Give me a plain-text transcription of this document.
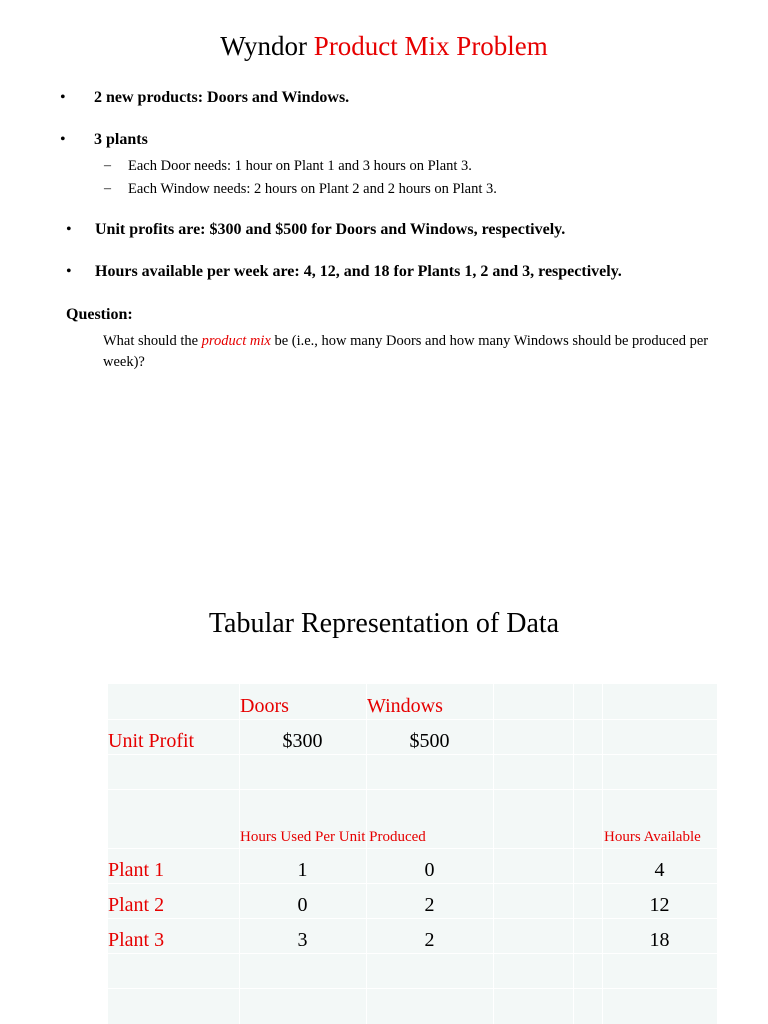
Wyndor Product Mix Problem
• 2 new products: Doors and Windows.
• 3 plants
– Each Door needs: 1 hour on Plant 1 and 3 hours on Plant 3.
– Each Window needs: 2 hours on Plant 2 and 2 hours on Plant 3.
• Unit profits are: $300 and $500 for Doors and Windows, respectively.
• Hours available per week are: 4, 12, and 18 for Plants 1, 2 and 3, respectively.
Question:
What should the product mix be (i.e., how many Doors and how many Windows should be produced per week)?
Tabular Representation of Data
Doors	Windows
Unit Profit	$300	$500
Hours Used Per Unit Produced	Hours Available
Plant 1	1	0	4
Plant 2	0	2	12
Plant 3	3	2	18
